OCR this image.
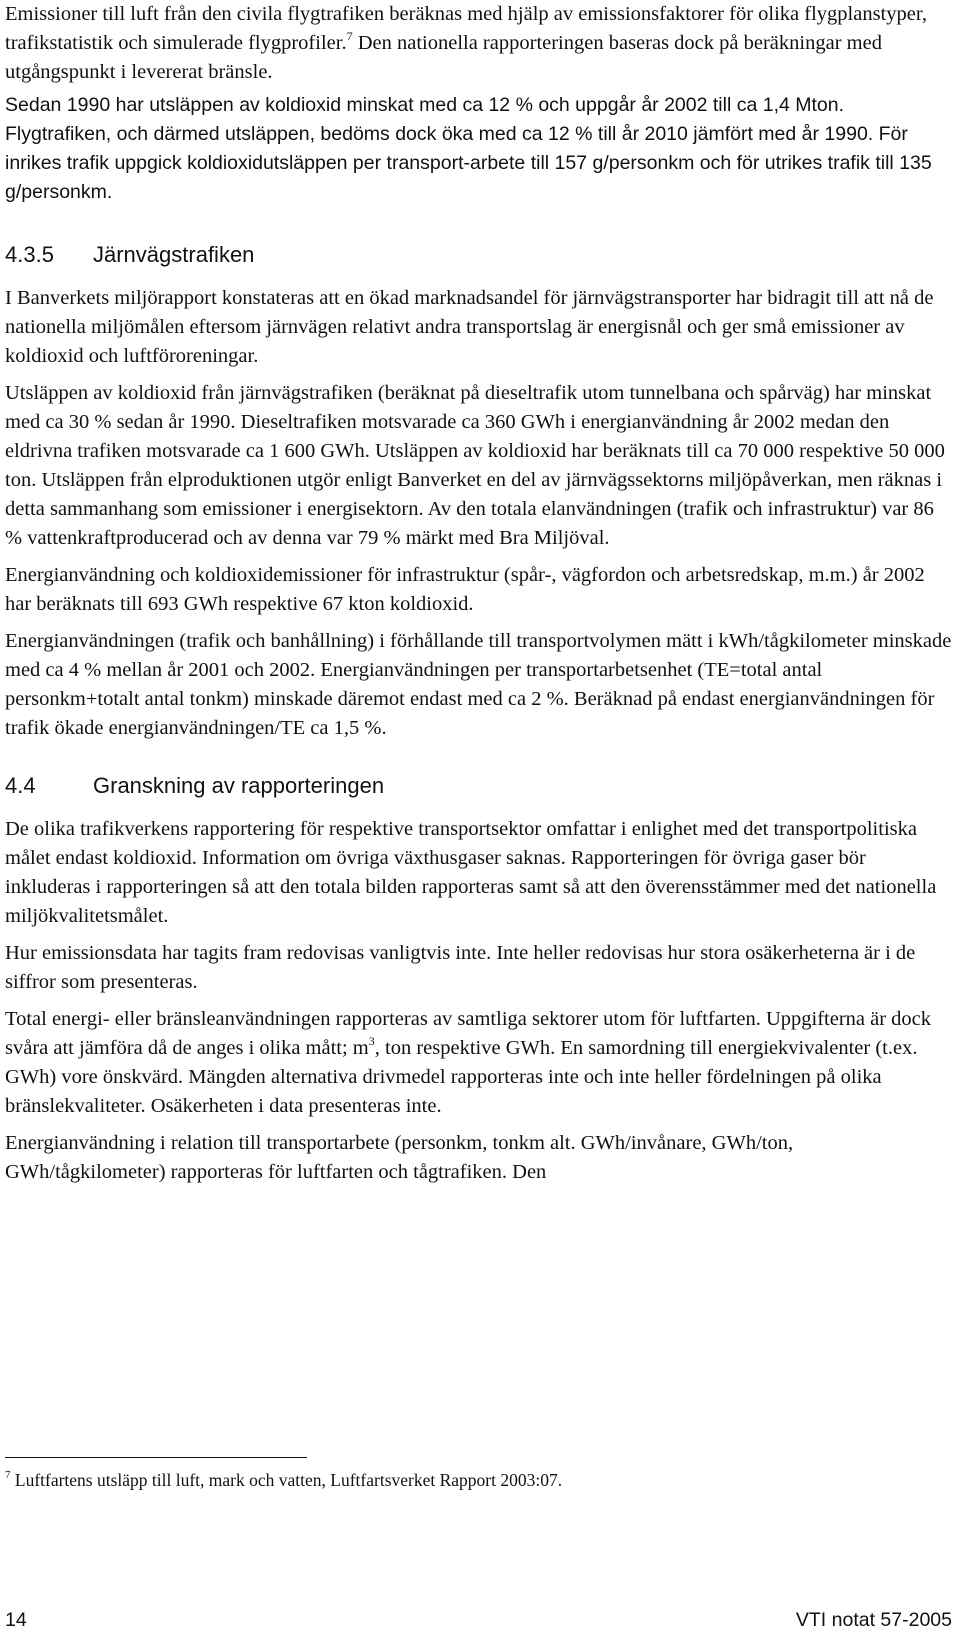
Emissioner till luft från den civila flygtrafiken beräknas med hjälp av emissionsfaktorer för olika flygplanstyper, trafikstatistik och simulerade flygprofiler.$^7$ Den nationella rapporteringen baseras dock på beräkningar med utgångspunkt i levererat bränsle.

Sedan 1990 har utsläppen av koldioxid minskat med ca 12 % och uppgår år 2002 till ca 1,4 Mton. Flygtrafiken, och därmed utsläppen, bedöms dock öka med ca 12 % till år 2010 jämfört med år 1990. För inrikes trafik uppgick koldioxidutsläppen per transport-arbete till 157 g/personkm och för utrikes trafik till 135 g/personkm.

4.3.5 Järnvägstrafiken

I Banverkets miljörapport konstateras att en ökad marknadsandel för järnvägstransporter har bidragit till att nå de nationella miljömålen eftersom järnvägen relativt andra transportslag är energisnål och ger små emissioner av koldioxid och luftföroreningar.

Utsläppen av koldioxid från järnvägstrafiken (beräknat på dieseltrafik utom tunnelbana och spårväg) har minskat med ca 30 % sedan år 1990. Dieseltrafiken motsvarade ca 360 GWh i energianvändning år 2002 medan den eldrivna trafiken motsvarade ca 1 600 GWh. Utsläppen av koldioxid har beräknats till ca 70 000 respektive 50 000 ton. Utsläppen från elproduktionen utgör enligt Banverket en del av järnvägssektorns miljöpåverkan, men räknas i detta sammanhang som emissioner i energisektorn. Av den totala elanvändningen (trafik och infrastruktur) var 86 % vattenkraftproducerad och av denna var 79 % märkt med Bra Miljöval.

Energianvändning och koldioxidemissioner för infrastruktur (spår-, vägfordon och arbetsredskap, m.m.) år 2002 har beräknats till 693 GWh respektive 67 kton koldioxid.

Energianvändningen (trafik och banhållning) i förhållande till transportvolymen mätt i kWh/tågkilometer minskade med ca 4 % mellan år 2001 och 2002. Energianvändningen per transportarbetsenhet (TE=total antal personkm+totalt antal tonkm) minskade däremot endast med ca 2 %. Beräknad på endast energianvändningen för trafik ökade energianvändningen/TE ca 1,5 %.

4.4	Granskning av rapporteringen

De olika trafikverkens rapportering för respektive transportsektor omfattar i enlighet med det transportpolitiska målet endast koldioxid. Information om övriga växthusgaser saknas. Rapporteringen för övriga gaser bör inkluderas i rapporteringen så att den totala bilden rapporteras samt så att den överensstämmer med det nationella miljökvalitetsmålet.

Hur emissionsdata har tagits fram redovisas vanligtvis inte. Inte heller redovisas hur stora osäkerheterna är i de siffror som presenteras.

Total energi- eller bränsleanvändningen rapporteras av samtliga sektorer utom för luftfarten. Uppgifterna är dock svåra att jämföra då de anges i olika mått; $m^3$, ton respektive GWh. En samordning till energiekvivalenter (t.ex. GWh) vore önskvärd. Mängden alternativa drivmedel rapporteras inte och inte heller fördelningen på olika bränslekvaliteter. Osäkerheten i data presenteras inte.

Energianvändning i relation till transportarbete (personkm, tonkm alt. GWh/invånare, GWh/ton, GWh/tågkilometer) rapporteras för luftfarten och tågtrafiken. Den

$^7$ Luftfartens utsläpp till luft, mark och vatten, Luftfartsverket Rapport 2003:07.

14	VTI notat 57-2005
